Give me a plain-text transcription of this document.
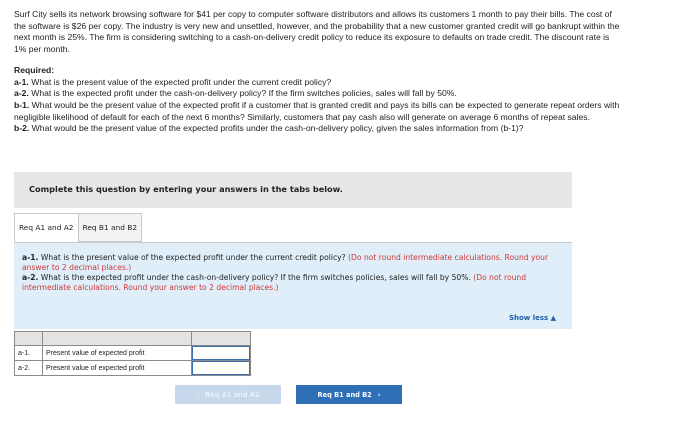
Surf City sells its network browsing software for $41 per copy to computer software distributors and allows its customers 1 month to pay their bills. The cost of the software is $26 per copy. The industry is very new and unsettled, however, and the probability that a new customer granted credit will go bankrupt within the next month is 25%. The firm is considering switching to a cash-on-delivery credit policy to reduce its exposure to defaults on trade credit. The discount rate is 1% per month.

Required:

a-1. What is the present value of the expected profit under the current credit policy?

a-2. What is the expected profit under the cash-on-delivery policy? If the firm switches policies, sales will fall by 50%.

b-1. What would be the present value of the expected profit if a customer that is granted credit and pays its bills can be expected to generate repeat orders with negligible likelihood of default for each of the next 6 months? Similarly, customers that pay cash also will generate on average 6 months of repeat sales.

b-2. What would be the present value of the expected profits under the cash-on-delivery policy, given the sales information from (b-1)?

Complete this question by entering your answers in the tabs below.
Req A1 and A2	Req B1 and B2

a-1. What is the present value of the expected profit under the current credit policy? (Do not round intermediate calculations. Round your answer to 2 decimal places.)

a-2. What is the expected profit under the cash-on-delivery policy? If the firm switches policies, sales will fall by 50%. (Do not round intermediate calculations. Round your answer to 2 decimal places.)

Show less ▲

a-1.	Present value of expected profit	

a-2.	Present value of expected profit	
‹ Req A1 and A2	Req B1 and B2 ›
